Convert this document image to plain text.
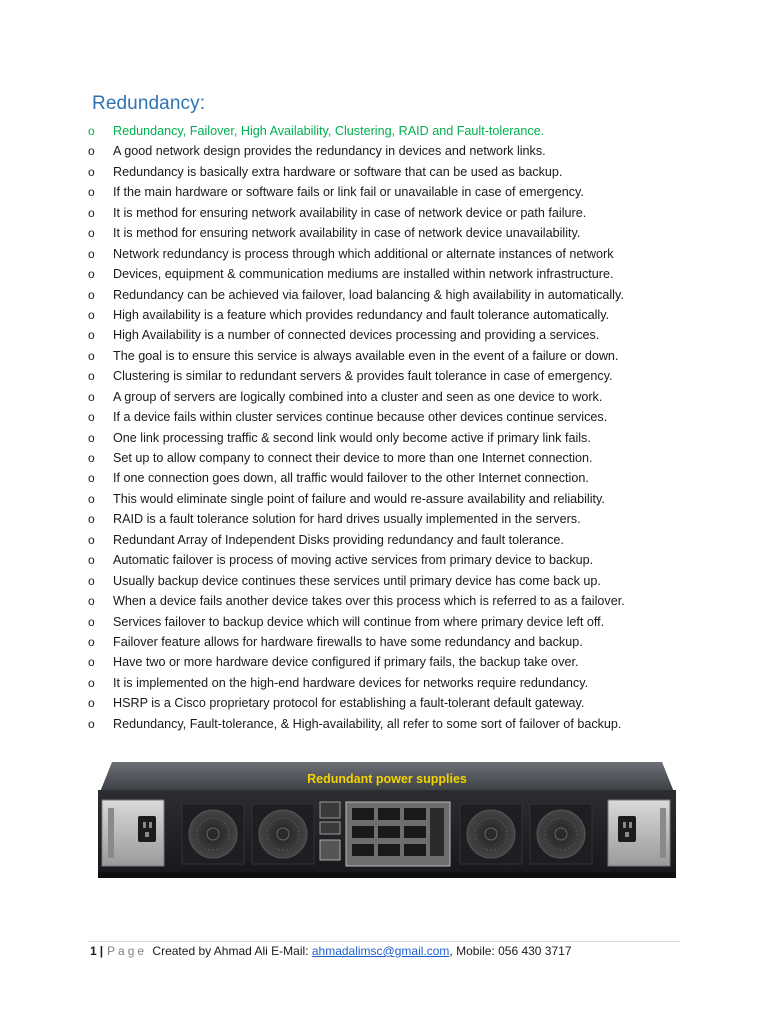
Redundancy:
o	Redundancy, Failover, High Availability, Clustering, RAID and Fault-tolerance.
o	A good network design provides the redundancy in devices and network links.
o	Redundancy is basically extra hardware or software that can be used as backup.
o	If the main hardware or software fails or link fail or unavailable in case of emergency.
o	It is method for ensuring network availability in case of network device or path failure.
o	It is method for ensuring network availability in case of network device unavailability.
o	Network redundancy is process through which additional or alternate instances of network
o	Devices, equipment & communication mediums are installed within network infrastructure.
o	Redundancy can be achieved via failover, load balancing & high availability in automatically.
o	High availability is a feature which provides redundancy and fault tolerance automatically.
o	High Availability is a number of connected devices processing and providing a services.
o	The goal is to ensure this service is always available even in the event of a failure or down.
o	Clustering is similar to redundant servers & provides fault tolerance in case of emergency.
o	A group of servers are logically combined into a cluster and seen as one device to work.
o	If a device fails within cluster services continue because other devices continue services.
o	One link processing traffic & second link would only become active if primary link fails.
o	Set up to allow company to connect their device to more than one Internet connection.
o	If one connection goes down, all traffic would failover to the other Internet connection.
o	This would eliminate single point of failure and would re-assure availability and reliability.
o	RAID is a fault tolerance solution for hard drives usually implemented in the servers.
o	Redundant Array of Independent Disks providing redundancy and fault tolerance.
o	Automatic failover is process of moving active services from primary device to backup.
o	Usually backup device continues these services until primary device has come back up.
o	When a device fails another device takes over this process which is referred to as a failover.
o	Services failover to backup device which will continue from where primary device left off.
o	Failover feature allows for hardware firewalls to have some redundancy and backup.
o	Have two or more hardware device configured if primary fails, the backup take over.
o	It is implemented on the high-end hardware devices for networks require redundancy.
o	HSRP is a Cisco proprietary protocol for establishing a fault-tolerant default gateway.
o	Redundancy, Fault-tolerance, & High-availability, all refer to some sort of failover of backup.
Redundant power supplies
1 | Page Created by Ahmad Ali E-Mail: ahmadalimsc@gmail.com, Mobile: 056 430 3717
